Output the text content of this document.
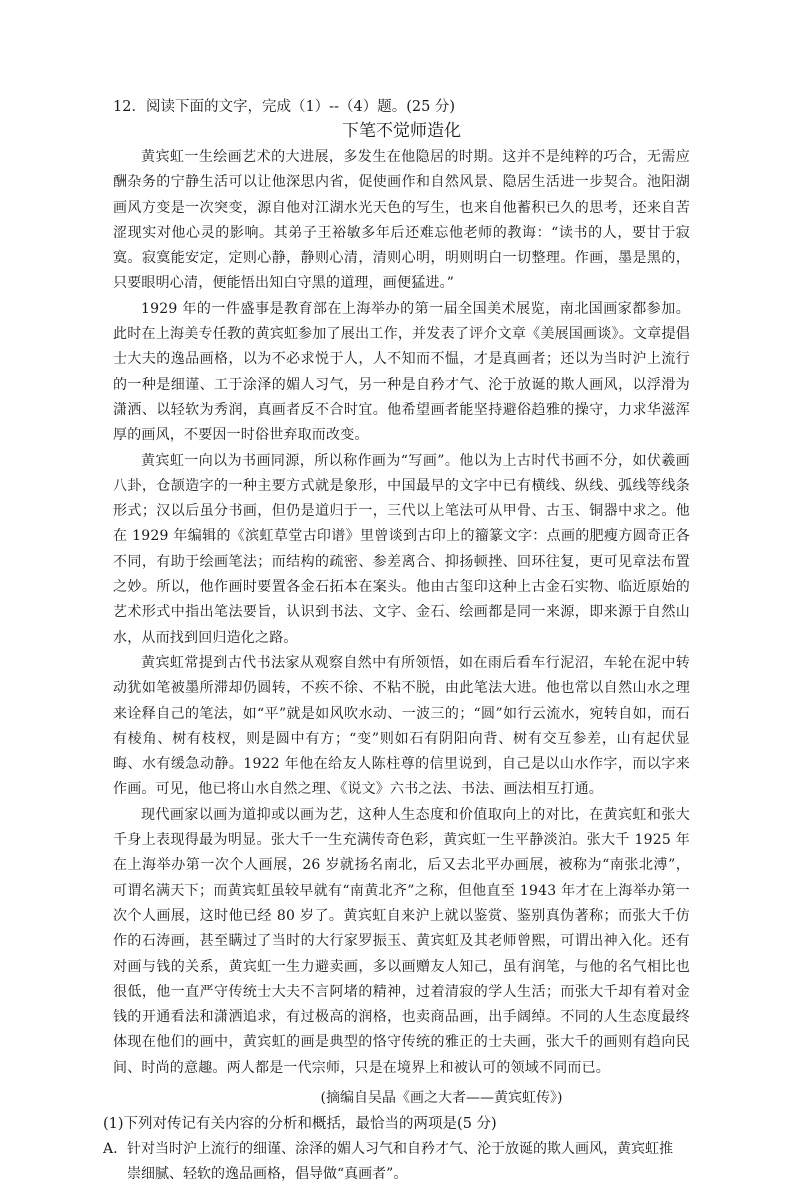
12．阅读下面的文字，完成（1）--（4）题。(25 分)

下笔不觉师造化

黄宾虹一生绘画艺术的大进展，多发生在他隐居的时期。这并不是纯粹的巧合，无需应酬杂务的宁静生活可以让他深思内省，促使画作和自然风景、隐居生活进一步契合。池阳湖画风方变是一次突变，源自他对江湖水光天色的写生，也来自他蓄积已久的思考，还来自苦涩现实对他心灵的影响。其弟子王裕敏多年后还难忘他老师的教诲：“读书的人，要甘于寂寞。寂寞能安定，定则心静，静则心清，清则心明，明则明白一切整理。作画，墨是黑的，只要眼明心清，便能悟出知白守黑的道理，画便猛进。”

1929 年的一件盛事是教育部在上海举办的第一届全国美术展览，南北国画家都参加。此时在上海美专任教的黄宾虹参加了展出工作，并发表了评介文章《美展国画谈》。文章提倡士大夫的逸品画格，以为不必求悦于人，人不知而不愠，才是真画者；还以为当时沪上流行的一种是细谨、工于涂泽的媚人习气，另一种是自矜才气、沦于放诞的欺人画风，以浮滑为潇洒、以轻软为秀润，真画者反不合时宜。他希望画者能坚持避俗趋雅的操守，力求华滋浑厚的画风，不要因一时俗世弃取而改变。

黄宾虹一向以为书画同源，所以称作画为“写画”。他以为上古时代书画不分，如伏羲画八卦，仓颉造字的一种主要方式就是象形，中国最早的文字中已有横线、纵线、弧线等线条形式；汉以后虽分书画，但仍是道归于一，三代以上笔法可从甲骨、古玉、铜器中求之。他在 1929 年编辑的《滨虹草堂古印谱》里曾谈到古印上的籀篆文字：点画的肥瘦方圆奇正各不同，有助于绘画笔法；而结构的疏密、参差离合、抑扬顿挫、回环往复，更可见章法布置之妙。所以，他作画时要置各金石拓本在案头。他由古玺印这种上古金石实物、临近原始的艺术形式中指出笔法要旨，认识到书法、文字、金石、绘画都是同一来源，即来源于自然山水，从而找到回归造化之路。

黄宾虹常提到古代书法家从观察自然中有所领悟，如在雨后看车行泥沼，车轮在泥中转动犹如笔被墨所滞却仍圆转，不疾不徐、不粘不脱，由此笔法大进。他也常以自然山水之理来诠释自己的笔法，如“平”就是如风吹水动、一波三的；“圆”如行云流水，宛转自如，而石有棱角、树有枝杈，则是圆中有方；“变”则如石有阴阳向背、树有交互参差，山有起伏显晦、水有缓急动静。1922 年他在给友人陈柱尊的信里说到，自己是以山水作字，而以字来作画。可见，他已将山水自然之理、《说文》六书之法、书法、画法相互打通。

现代画家以画为道抑或以画为艺，这种人生态度和价值取向上的对比，在黄宾虹和张大千身上表现得最为明显。张大千一生充满传奇色彩，黄宾虹一生平静淡泊。张大千 1925 年在上海举办第一次个人画展，26 岁就扬名南北，后又去北平办画展，被称为“南张北溥”，可谓名满天下；而黄宾虹虽较早就有“南黄北齐”之称，但他直至 1943 年才在上海举办第一次个人画展，这时他已经 80 岁了。黄宾虹自来沪上就以鉴赏、鉴别真伪著称；而张大千仿作的石涛画，甚至瞒过了当时的大行家罗振玉、黄宾虹及其老师曾熙，可谓出神入化。还有对画与钱的关系，黄宾虹一生力避卖画，多以画赠友人知己，虽有润笔，与他的名气相比也很低，他一直严守传统士大夫不言阿堵的精神，过着清寂的学人生活；而张大千却有着对金钱的开通看法和潇洒追求，有过极高的润格，也卖商品画，出手阔绰。不同的人生态度最终体现在他们的画中，黄宾虹的画是典型的恪守传统的雅正的士夫画，张大千的画则有趋向民间、时尚的意趣。两人都是一代宗师，只是在境界上和被认可的领域不同而已。

(摘编自吴晶《画之大者——黄宾虹传》)

(1)下列对传记有关内容的分析和概括，最恰当的两项是(5 分)

A. 针对当时沪上流行的细谨、涂泽的媚人习气和自矜才气、沦于放诞的欺人画风，黄宾虹推崇细腻、轻软的逸品画格，倡导做“真画者”。
